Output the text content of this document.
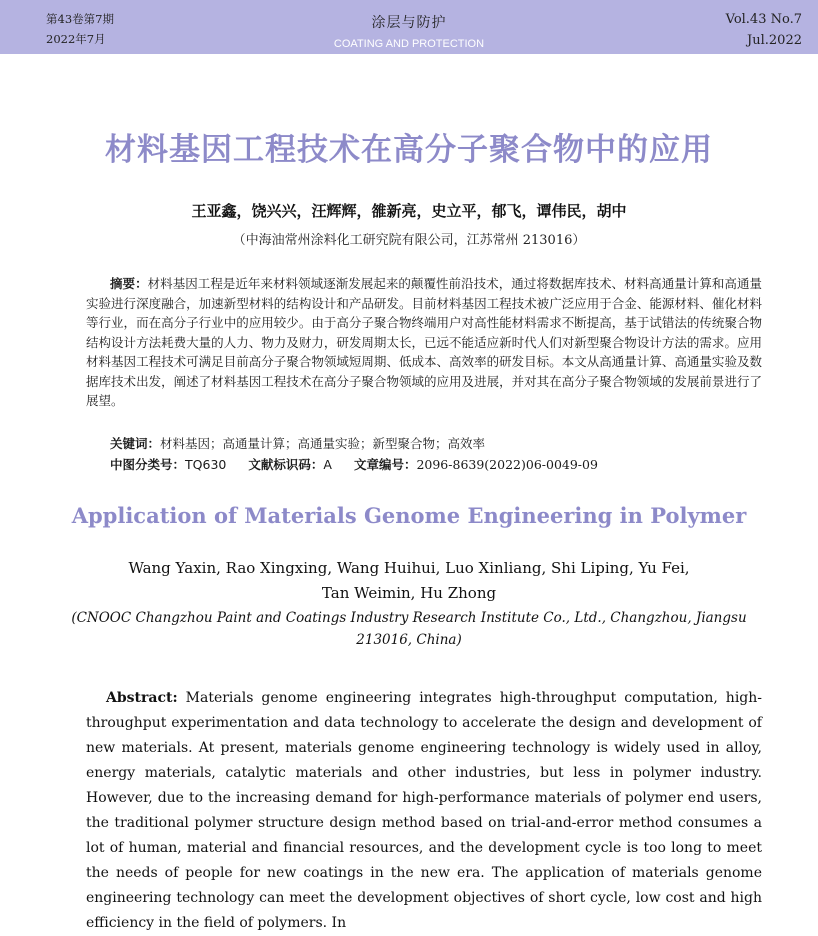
第43卷第7期
2022年7月
涂层与防护
COATING AND PROTECTION
Vol.43 No.7
Jul.2022
材料基因工程技术在高分子聚合物中的应用
王亚鑫，饶兴兴，汪辉辉，雒新亮，史立平，郁飞，谭伟民，胡中
（中海油常州涂料化工研究院有限公司，江苏常州 213016）
摘要：材料基因工程是近年来材料领域逐渐发展起来的颠覆性前沿技术，通过将数据库技术、材料高通量计算和高通量实验进行深度融合，加速新型材料的结构设计和产品研发。目前材料基因工程技术被广泛应用于合金、能源材料、催化材料等行业，而在高分子行业中的应用较少。由于高分子聚合物终端用户对高性能材料需求不断提高，基于试错法的传统聚合物结构设计方法耗费大量的人力、物力及财力，研发周期太长，已远不能适应新时代人们对新型聚合物设计方法的需求。应用材料基因工程技术可满足目前高分子聚合物领域短周期、低成本、高效率的研发目标。本文从高通量计算、高通量实验及数据库技术出发，阐述了材料基因工程技术在高分子聚合物领域的应用及进展，并对其在高分子聚合物领域的发展前景进行了展望。
关键词：材料基因；高通量计算；高通量实验；新型聚合物；高效率
中图分类号：TQ630 文献标识码：A 文章编号：2096-8639(2022)06-0049-09
Application of Materials Genome Engineering in Polymer
Wang Yaxin, Rao Xingxing, Wang Huihui, Luo Xinliang, Shi Liping, Yu Fei,
Tan Weimin, Hu Zhong
(CNOOC Changzhou Paint and Coatings Industry Research Institute Co., Ltd., Changzhou, Jiangsu
213016, China)
Abstract: Materials genome engineering integrates high-throughput computation, high-throughput experimentation and data technology to accelerate the design and development of new materials. At present, materials genome engineering technology is widely used in alloy, energy materials, catalytic materials and other industries, but less in polymer industry. However, due to the increasing demand for high-performance materials of polymer end users, the traditional polymer structure design method based on trial-and-error method consumes a lot of human, material and financial resources, and the development cycle is too long to meet the needs of people for new coatings in the new era. The application of materials genome engineering technology can meet the development objectives of short cycle, low cost and high efficiency in the field of polymers. In
